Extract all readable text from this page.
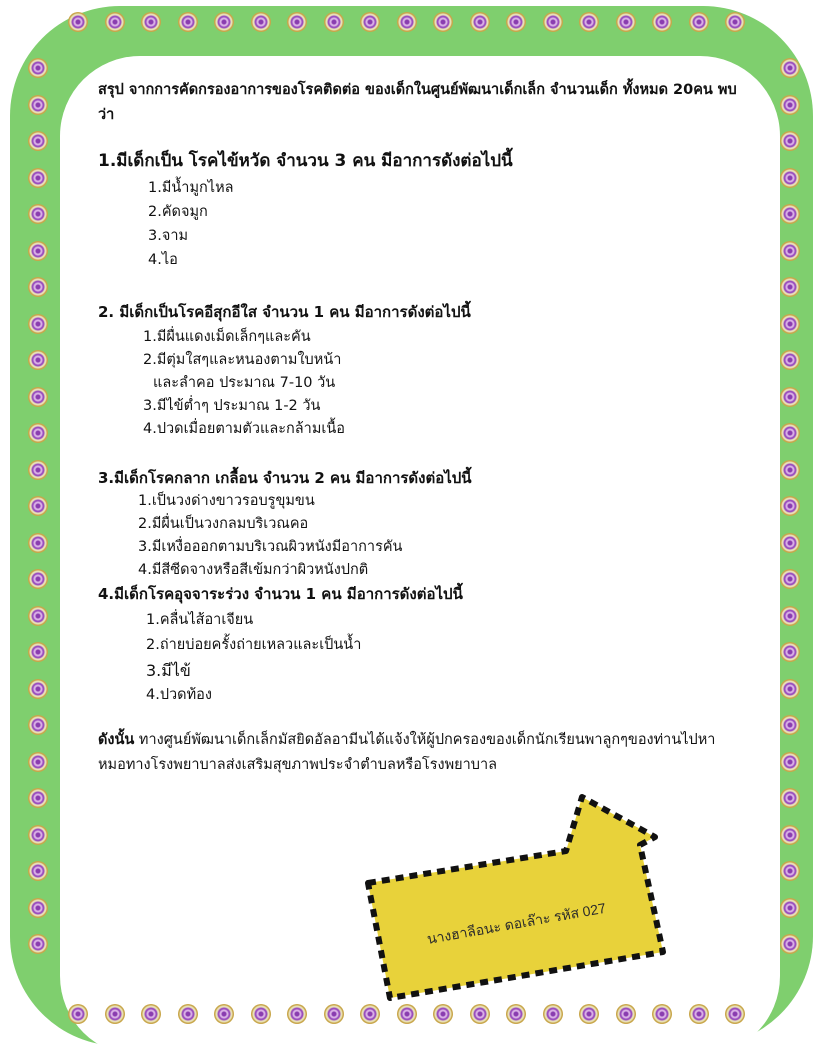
สรุป จากการคัดกรองอาการของโรคติดต่อ ของเด็กในศูนย์พัฒนาเด็กเล็ก จำนวนเด็ก ทั้งหมด 20คน พบว่า

1.มีเด็กเป็น โรคไข้หวัด จำนวน 3 คน มีอาการดังต่อไปนี้

1.มีน้ำมูกไหล

2.คัดจมูก

3.จาม

4.ไอ

2. มีเด็กเป็นโรคอีสุกอีใส จำนวน 1 คน มีอาการดังต่อไปนี้

1.มีผื่นแดงเม็ดเล็กๆและคัน

2.มีตุ่มใสๆและหนองตามใบหน้า

และลำคอ ประมาณ 7-10 วัน

3.มีไข้ต่ำๆ ประมาณ 1-2 วัน

4.ปวดเมื่อยตามตัวและกล้ามเนื้อ

3.มีเด็กโรคกลาก เกลื้อน จำนวน 2 คน มีอาการดังต่อไปนี้

1.เป็นวงด่างขาวรอบรูขุมขน

2.มีผื่นเป็นวงกลมบริเวณคอ

3.มีเหงื่อออกตามบริเวณผิวหนังมีอาการคัน

4.มีสีซีดจางหรือสีเข้มกว่าผิวหนังปกติ

4.มีเด็กโรคอุจจาระร่วง จำนวน 1 คน มีอาการดังต่อไปนี้

1.คลื่นไส้อาเจียน

2.ถ่ายบ่อยครั้งถ่ายเหลวและเป็นน้ำ

3.มีไข้

4.ปวดท้อง

ดังนั้น ทางศูนย์พัฒนาเด็กเล็กมัสยิดอัลอามีนได้แจ้งให้ผู้ปกครองของเด็กนักเรียนพาลูกๆของท่านไปหาหมอทางโรงพยาบาลส่งเสริมสุขภาพประจำตำบลหรือโรงพยาบาล

นางฮาลีอนะ ดอเล๊าะ รหัส 027
